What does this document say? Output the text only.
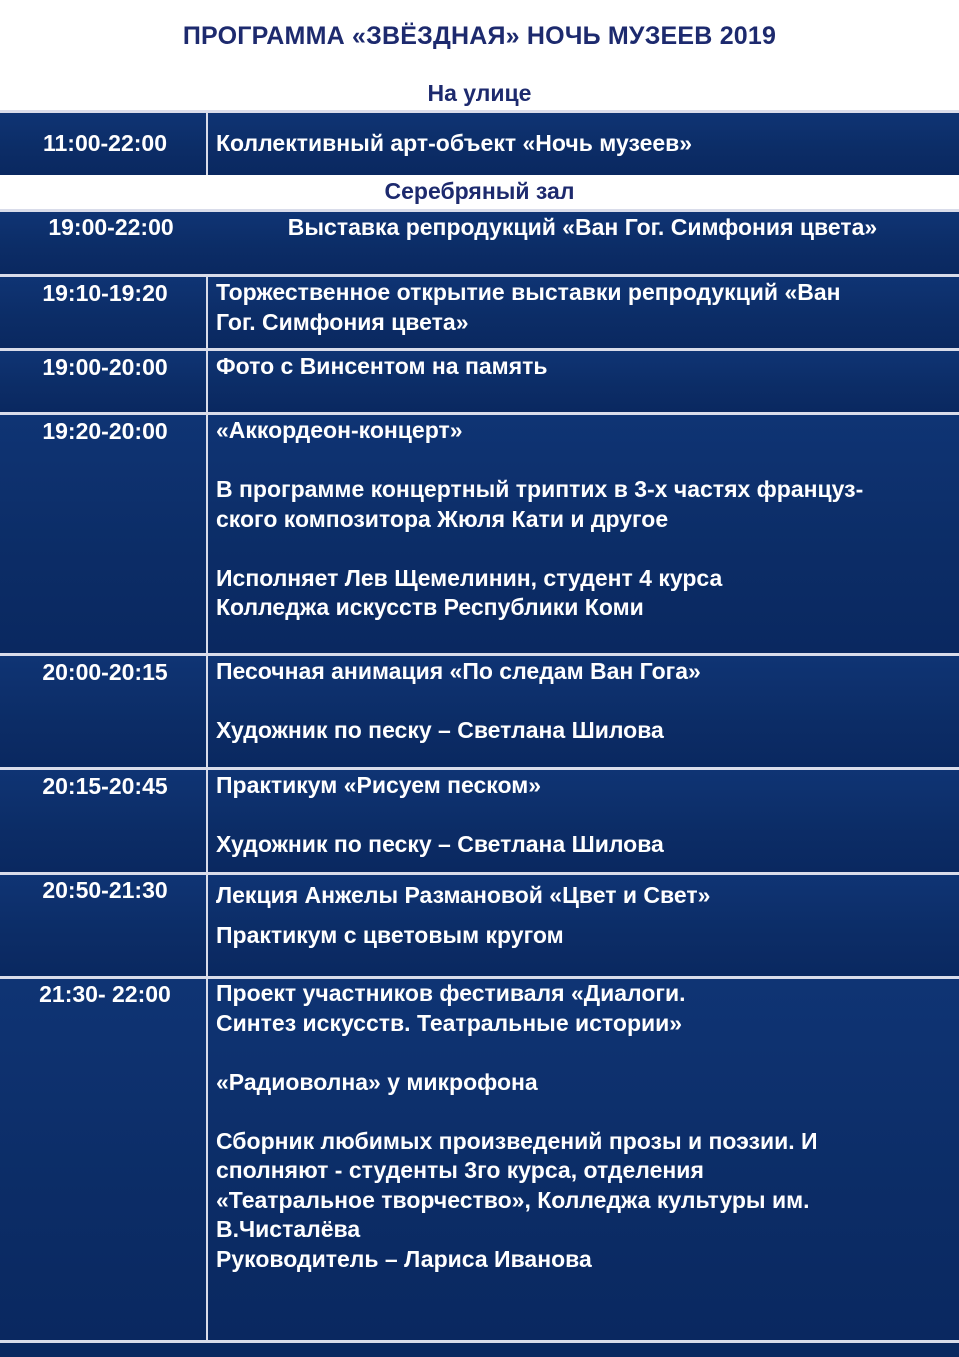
ПРОГРАММА «ЗВЁЗДНАЯ» НОЧЬ МУЗЕЕВ 2019
На улице
11:00-22:00	Коллективный арт-объект «Ночь музеев»

Серебряный зал
19:00-22:00	Выставка репродукций «Ван Гог. Симфония цвета»

19:10-19:20	Торжественное открытие выставки репродукций «Ван
Гог. Симфония цвета»

19:00-20:00	Фото с Винсентом на память

19:20-20:00	«Аккордеон-концерт»

В программе концертный триптих в 3-х частях француз-
ского композитора Жюля Кати и другое

Исполняет Лев Щемелинин, студент 4 курса
Колледжа искусств Республики Коми

20:00-20:15	Песочная анимация «По следам Ван Гога»

Художник по песку – Светлана Шилова

20:15-20:45	Практикум «Рисуем песком»

Художник по песку – Светлана Шилова

20:50-21:30	Лекция Анжелы Размановой «Цвет и Свет»

Практикум с цветовым кругом

21:30- 22:00	Проект участников фестиваля «Диалоги.
Синтез искусств. Театральные истории»

«Радиоволна» у микрофона

Сборник любимых произведений прозы и поэзии. И
сполняют - студенты 3го курса, отделения
«Театральное творчество», Колледжа культуры им.
В.Чисталёва
Руководитель – Лариса Иванова
